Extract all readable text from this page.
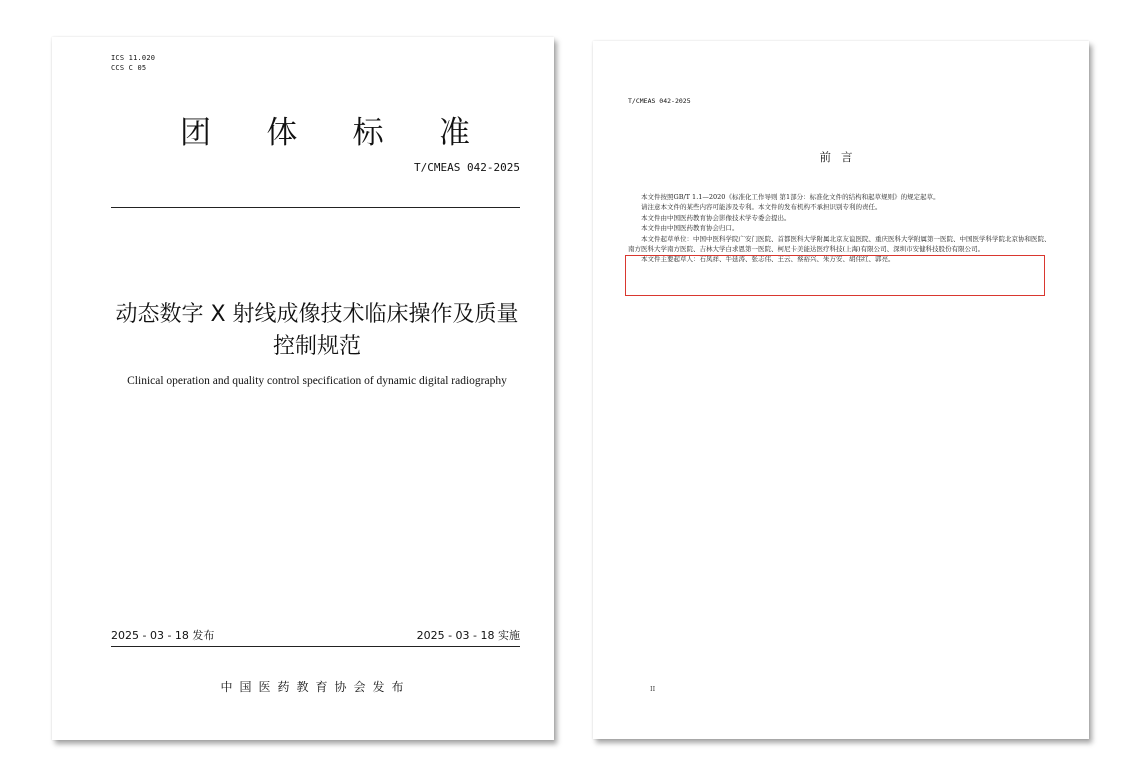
ICS 11.020
CCS C 05
团 体 标 准
T/CMEAS 042-2025
动态数字 X 射线成像技术临床操作及质量
控制规范
Clinical operation and quality control specification of dynamic digital radiography
2025 - 03 - 18 发布	2025 - 03 - 18 实施
中国医药教育协会发布
T/CMEAS 042-2025
前言

本文件按照GB/T 1.1—2020《标准化工作导则 第1部分：标准化文件的结构和起草规则》的规定起草。

请注意本文件的某些内容可能涉及专利。本文件的发布机构不承担识别专利的责任。

本文件由中国医药教育协会影像技术学专委会提出。

本文件由中国医药教育协会归口。

本文件起草单位：中国中医科学院广安门医院、首都医科大学附属北京友谊医院、重庆医科大学附属第一医院、中国医学科学院北京协和医院、南方医科大学南方医院、吉林大学白求恩第一医院、柯尼卡美能达医疗科技(上海)有限公司、深圳市安健科技股份有限公司。

本文件主要起草人：石凤祥、牛延涛、张志伟、王云、蔡裕兴、朱万安、胡伟红、郭亮。

II
